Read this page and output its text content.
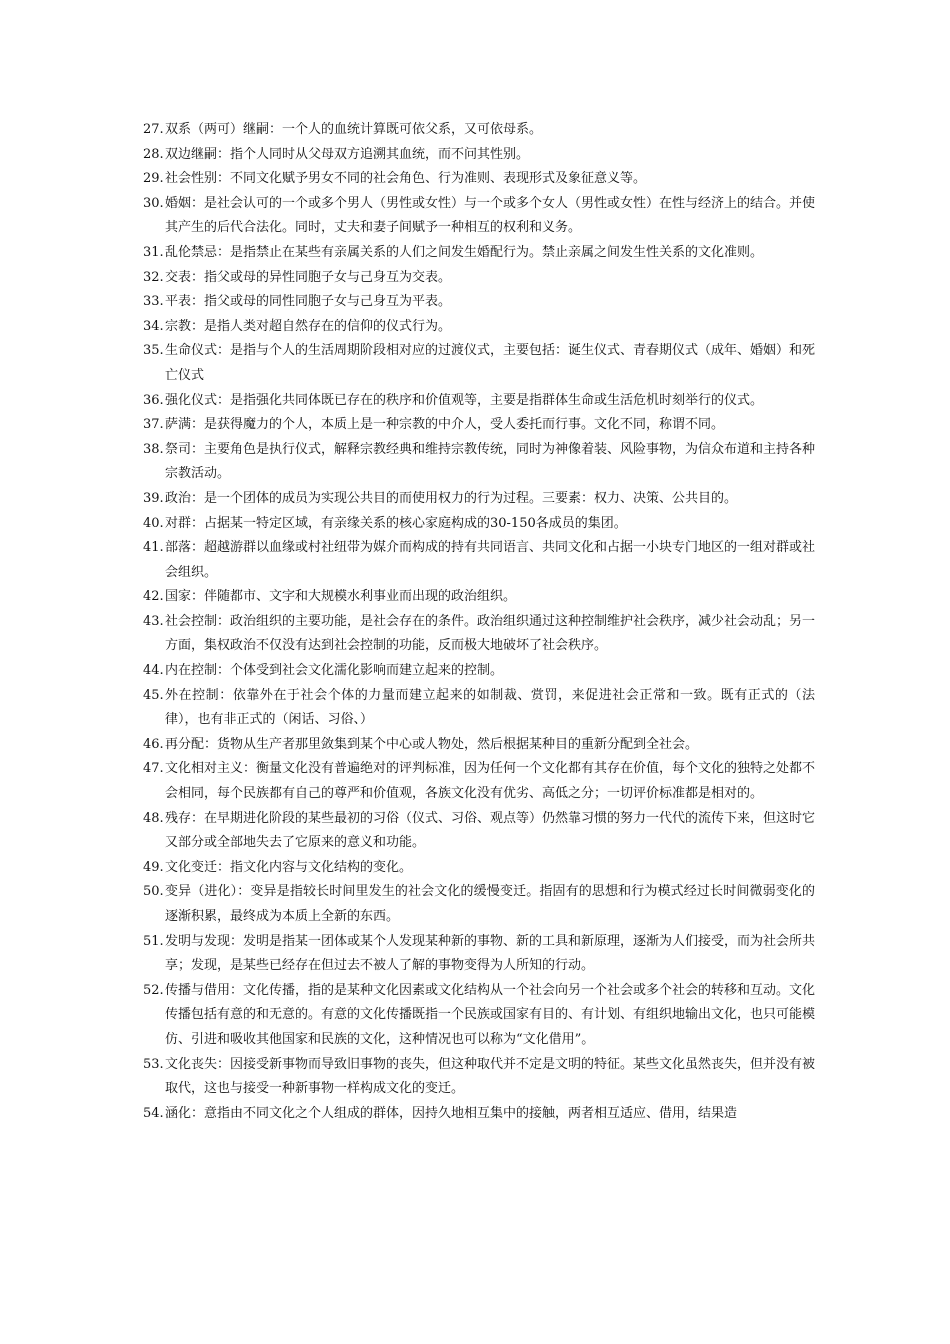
27. 双系（两可）继嗣：一个人的血统计算既可依父系，又可依母系。
28. 双边继嗣：指个人同时从父母双方追溯其血统，而不问其性别。
29. 社会性别：不同文化赋予男女不同的社会角色、行为准则、表现形式及象征意义等。
30. 婚姻：是社会认可的一个或多个男人（男性或女性）与一个或多个女人（男性或女性）在性与经济上的结合。并使其产生的后代合法化。同时，丈夫和妻子间赋予一种相互的权利和义务。
31. 乱伦禁忌：是指禁止在某些有亲属关系的人们之间发生婚配行为。禁止亲属之间发生性关系的文化准则。
32. 交表：指父或母的异性同胞子女与己身互为交表。
33. 平表：指父或母的同性同胞子女与己身互为平表。
34. 宗教：是指人类对超自然存在的信仰的仪式行为。
35. 生命仪式：是指与个人的生活周期阶段相对应的过渡仪式，主要包括：诞生仪式、青春期仪式（成年、婚姻）和死亡仪式
36. 强化仪式：是指强化共同体既已存在的秩序和价值观等，主要是指群体生命或生活危机时刻举行的仪式。
37. 萨满：是获得魔力的个人，本质上是一种宗教的中介人，受人委托而行事。文化不同，称谓不同。
38. 祭司：主要角色是执行仪式，解释宗教经典和维持宗教传统，同时为神像着装、风险事物，为信众布道和主持各种宗教活动。
39. 政治：是一个团体的成员为实现公共目的而使用权力的行为过程。三要素：权力、决策、公共目的。
40. 对群：占据某一特定区域，有亲缘关系的核心家庭构成的30-150各成员的集团。
41. 部落：超越游群以血缘或村社纽带为媒介而构成的持有共同语言、共同文化和占据一小块专门地区的一组对群或社会组织。
42. 国家：伴随都市、文字和大规模水利事业而出现的政治组织。
43. 社会控制：政治组织的主要功能，是社会存在的条件。政治组织通过这种控制维护社会秩序，减少社会动乱；另一方面，集权政治不仅没有达到社会控制的功能，反而极大地破坏了社会秩序。
44. 内在控制：个体受到社会文化濡化影响而建立起来的控制。
45. 外在控制：依靠外在于社会个体的力量而建立起来的如制裁、赏罚，来促进社会正常和一致。既有正式的（法律），也有非正式的（闲话、习俗、）
46. 再分配：货物从生产者那里敛集到某个中心或人物处，然后根据某种目的重新分配到全社会。
47. 文化相对主义：衡量文化没有普遍绝对的评判标准，因为任何一个文化都有其存在价值，每个文化的独特之处都不会相同，每个民族都有自己的尊严和价值观，各族文化没有优劣、高低之分；一切评价标准都是相对的。
48. 残存：在早期进化阶段的某些最初的习俗（仪式、习俗、观点等）仍然靠习惯的努力一代代的流传下来，但这时它又部分或全部地失去了它原来的意义和功能。
49. 文化变迁：指文化内容与文化结构的变化。
50. 变异（进化）：变异是指较长时间里发生的社会文化的缓慢变迁。指固有的思想和行为模式经过长时间微弱变化的逐渐积累，最终成为本质上全新的东西。
51. 发明与发现：发明是指某一团体或某个人发现某种新的事物、新的工具和新原理，逐渐为人们接受，而为社会所共享；发现，是某些已经存在但过去不被人了解的事物变得为人所知的行动。
52. 传播与借用：文化传播，指的是某种文化因素或文化结构从一个社会向另一个社会或多个社会的转移和互动。文化传播包括有意的和无意的。有意的文化传播既指一个民族或国家有目的、有计划、有组织地输出文化，也只可能模仿、引进和吸收其他国家和民族的文化，这种情况也可以称为“文化借用”。
53. 文化丧失：因接受新事物而导致旧事物的丧失，但这种取代并不定是文明的特征。某些文化虽然丧失，但并没有被取代，这也与接受一种新事物一样构成文化的变迁。
54. 涵化：意指由不同文化之个人组成的群体，因持久地相互集中的接触，两者相互适应、借用，结果造
